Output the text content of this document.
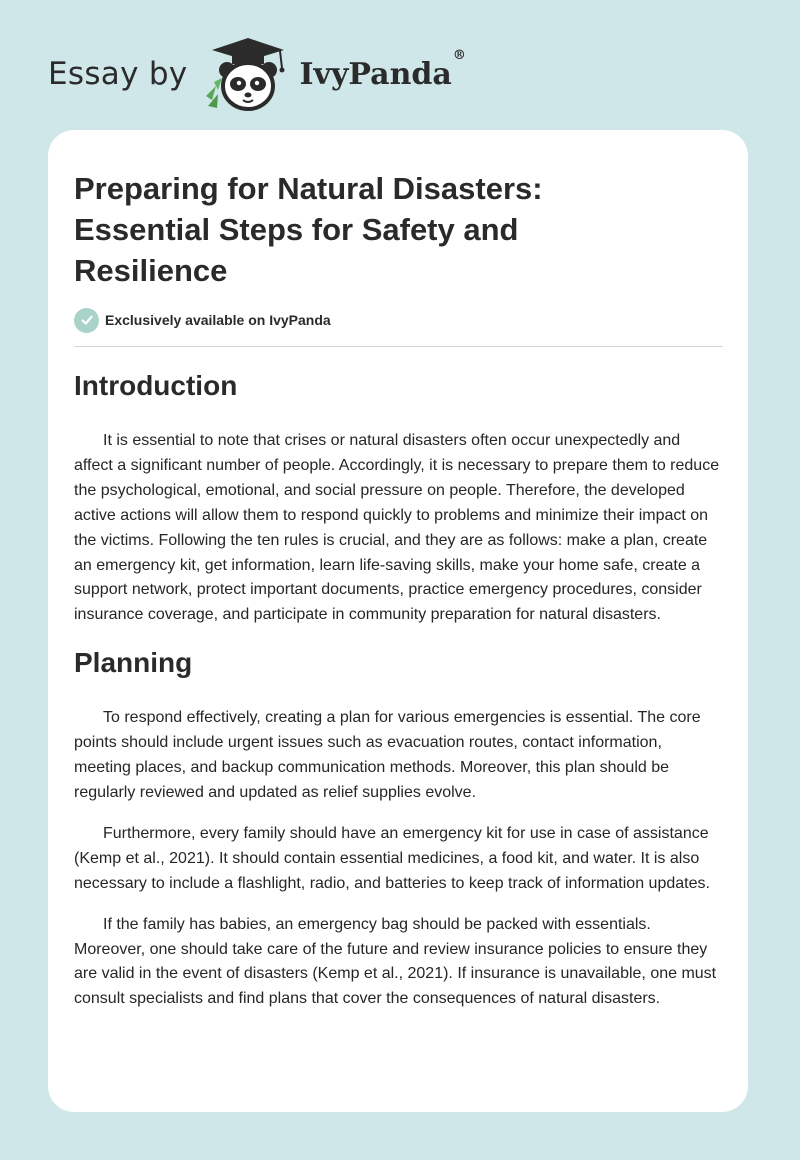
Essay by	IvyPanda®
Preparing for Natural Disasters: Essential Steps for Safety and Resilience
Exclusively available on IvyPanda
Introduction

It is essential to note that crises or natural disasters often occur unexpectedly and affect a significant number of people. Accordingly, it is necessary to prepare them to reduce the psychological, emotional, and social pressure on people. Therefore, the developed active actions will allow them to respond quickly to problems and minimize their impact on the victims. Following the ten rules is crucial, and they are as follows: make a plan, create an emergency kit, get information, learn life-saving skills, make your home safe, create a support network, protect important documents, practice emergency procedures, consider insurance coverage, and participate in community preparation for natural disasters.

Planning

To respond effectively, creating a plan for various emergencies is essential. The core points should include urgent issues such as evacuation routes, contact information, meeting places, and backup communication methods. Moreover, this plan should be regularly reviewed and updated as relief supplies evolve.

Furthermore, every family should have an emergency kit for use in case of assistance (Kemp et al., 2021). It should contain essential medicines, a food kit, and water. It is also necessary to include a flashlight, radio, and batteries to keep track of information updates.

If the family has babies, an emergency bag should be packed with essentials. Moreover, one should take care of the future and review insurance policies to ensure they are valid in the event of disasters (Kemp et al., 2021). If insurance is unavailable, one must consult specialists and find plans that cover the consequences of natural disasters.
